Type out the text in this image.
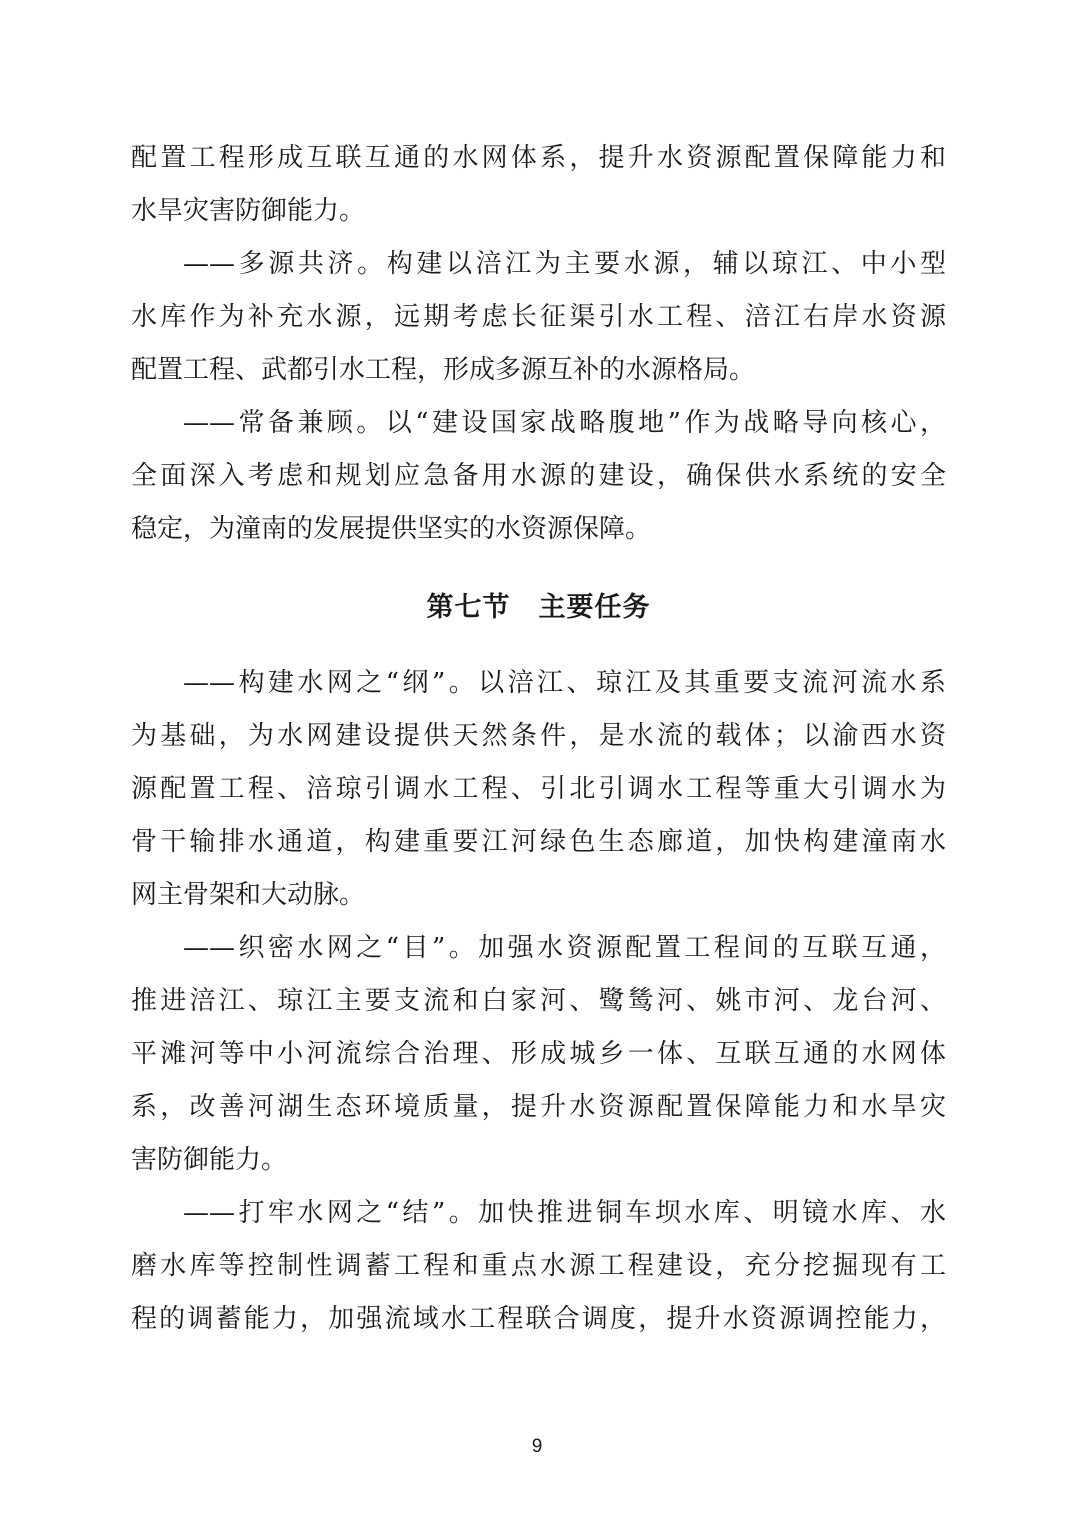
配置工程形成互联互通的水网体系，提升水资源配置保障能力和
水旱灾害防御能力。
——多源共济。构建以涪江为主要水源，辅以琼江、中小型
水库作为补充水源，远期考虑长征渠引水工程、涪江右岸水资源
配置工程、武都引水工程，形成多源互补的水源格局。
——常备兼顾。以“建设国家战略腹地”作为战略导向核心，
全面深入考虑和规划应急备用水源的建设，确保供水系统的安全
稳定，为潼南的发展提供坚实的水资源保障。
第七节　主要任务
——构建水网之“纲”。以涪江、琼江及其重要支流河流水系
为基础，为水网建设提供天然条件，是水流的载体；以渝西水资
源配置工程、涪琼引调水工程、引北引调水工程等重大引调水为
骨干输排水通道，构建重要江河绿色生态廊道，加快构建潼南水
网主骨架和大动脉。
——织密水网之“目”。加强水资源配置工程间的互联互通，
推进涪江、琼江主要支流和白家河、鹭鸶河、姚市河、龙台河、
平滩河等中小河流综合治理、形成城乡一体、互联互通的水网体
系，改善河湖生态环境质量，提升水资源配置保障能力和水旱灾
害防御能力。
——打牢水网之“结”。加快推进铜车坝水库、明镜水库、水
磨水库等控制性调蓄工程和重点水源工程建设，充分挖掘现有工
程的调蓄能力，加强流域水工程联合调度，提升水资源调控能力，
9
